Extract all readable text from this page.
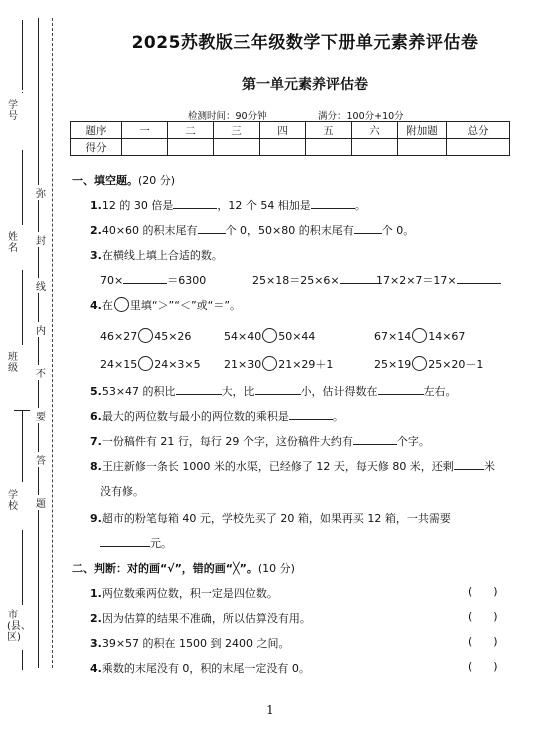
学号
姓名
班级
学校
市(县、区)
弥
封
线
内
不
要
答
题
2025苏教版三年级数学下册单元素养评估卷
第一单元素养评估卷
检测时间：90分钟	满分：100分+10分
题序	一	二	三	四	五	六	附加题	总分
得分								
一、填空题。(20 分)
1.12 的 30 倍是	，12 个 54 相加是	。
2.40×60 的积末尾有	个 0，50×80 的积末尾有	个 0。
3.在横线上填上合适的数。
70×	＝6300	25×18＝25×6×	17×2×7＝17×
4.在 里填“＞”“＜”或“＝”。
46×27 45×26	54×40 50×44	67×14 14×67
24×15 24×3×5 21×30 21×29＋1	25×19 25×20－1
5.53×47 的积比	大，比	小，估计得数在	左右。
6.最大的两位数与最小的两位数的乘积是	。
7.一份稿件有 21 行，每行 29 个字，这份稿件大约有	个字。
8.王庄新修一条长 1000 米的水渠，已经修了 12 天，每天修 80 米，还剩	米
没有修。
9.超市的粉笔每箱 40 元，学校先买了 20 箱，如果再买 12 箱，一共需要
元。
二、判断：对的画“√”，错的画“╳”。(10 分)
1.两位数乘两位数，积一定是四位数。	(      )
2.因为估算的结果不准确，所以估算没有用。	(      )
3.39×57 的积在 1500 到 2400 之间。	(      )
4.乘数的末尾没有 0，积的末尾一定没有 0。	(      )
1
